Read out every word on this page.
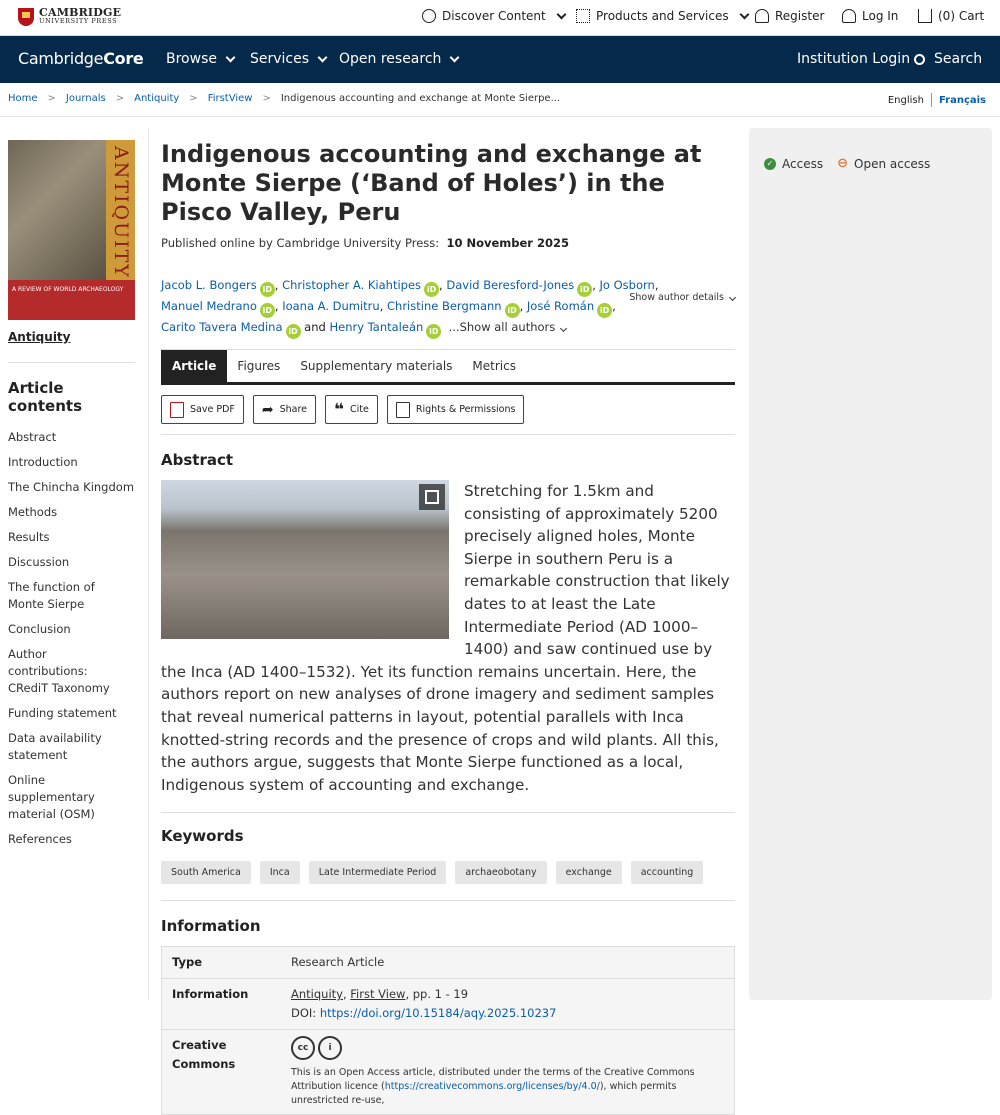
CAMBRIDGE
UNIVERSITY PRESS	Discover Content	Products and Services	Register	Log In	(0) Cart
CambridgeCore Browse Services Open research	Institution Login Search
Home > Journals > Antiquity > FirstView > Indigenous accounting and exchange at Monte Sierpe...	English Français
ANTIQUITY
A REVIEW OF WORLD ARCHAEOLOGY
Antiquity
Article contents
Abstract
Introduction
The Chincha Kingdom
Methods
Results
Discussion
The function of Monte Sierpe
Conclusion
Author contributions: CRediT Taxonomy
Funding statement
Data availability statement
Online supplementary material (OSM)
References
Indigenous accounting and exchange at Monte Sierpe (‘Band of Holes’) in the Pisco Valley, Peru
Published online by Cambridge University Press: 10 November 2025
Jacob L. Bongers iD , Christopher A. Kiahtipes iD , David Beresford-Jones iD , Jo Osborn,
Manuel Medrano iD , Ioana A. Dumitru, Christine Bergmann iD , José Román iD ,
Carito Tavera Medina iD and Henry Tantaleán iD ...Show all authors
Show author details
Article	Figures	Supplementary materials	Metrics
Save PDF ➦ Share ❝ Cite	Rights & Permissions
Abstract
Stretching for 1.5km and consisting of approximately 5200 precisely aligned holes, Monte Sierpe in southern Peru is a remarkable construction that likely dates to at least the Late Intermediate Period (AD 1000–1400) and saw continued use by the Inca (AD 1400–1532). Yet its function remains uncertain. Here, the authors report on new analyses of drone imagery and sediment samples that reveal numerical patterns in layout, potential parallels with Inca knotted-string records and the presence of crops and wild plants. All this, the authors argue, suggests that Monte Sierpe functioned as a local, Indigenous system of accounting and exchange.
Keywords
South America	Inca	Late Intermediate Period	archaeobotany	exchange	accounting
Information
Type	Research Article
Information	Antiquity, First View, pp. 1 - 19
DOI: https://doi.org/10.15184/aqy.2025.10237
Creative Commons
cc	i
This is an Open Access article, distributed under the terms of the Creative Commons Attribution licence (https://creativecommons.org/licenses/by/4.0/), which permits unrestricted re-use,
✓ Access ⊖ Open access
